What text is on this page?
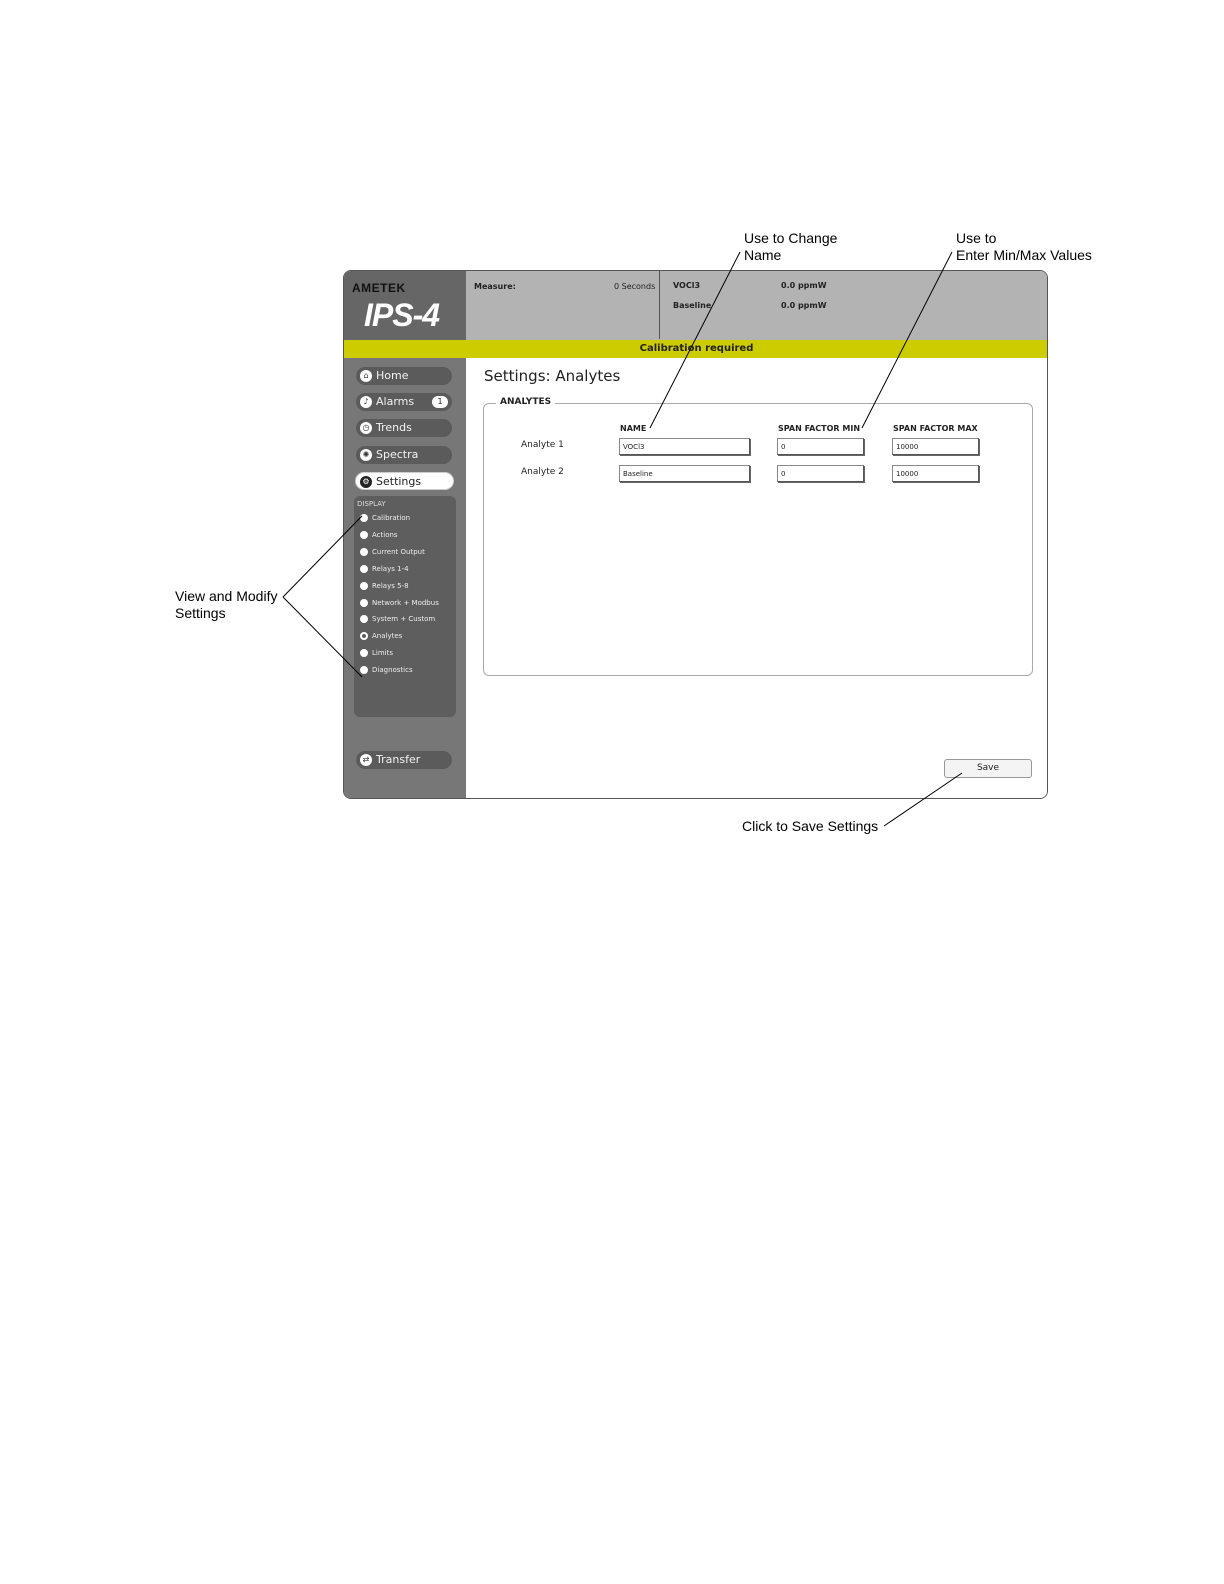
Use to Change
Name
Use to
Enter Min/Max Values
View and Modify
Settings
Click to Save Settings
AMETEK
IPS-4
Measure:	0 Seconds VOCl3	0.0 ppmW
Baseline	0.0 ppmW
Calibration required
⌂ Home
♪ Alarms	1
◷ Trends
✺ Spectra
⚙ Settings
DISPLAY
Calibration
Actions
Current Output
Relays 1-4
Relays 5-8
Network + Modbus
System + Custom
Analytes
Limits
Diagnostics
⇄ Transfer
Settings: Analytes
ANALYTES
NAME	SPAN FACTOR MIN	SPAN FACTOR MAX
Analyte 1	VOCl3	0	10000
Analyte 2	Baseline	0	10000
Save
